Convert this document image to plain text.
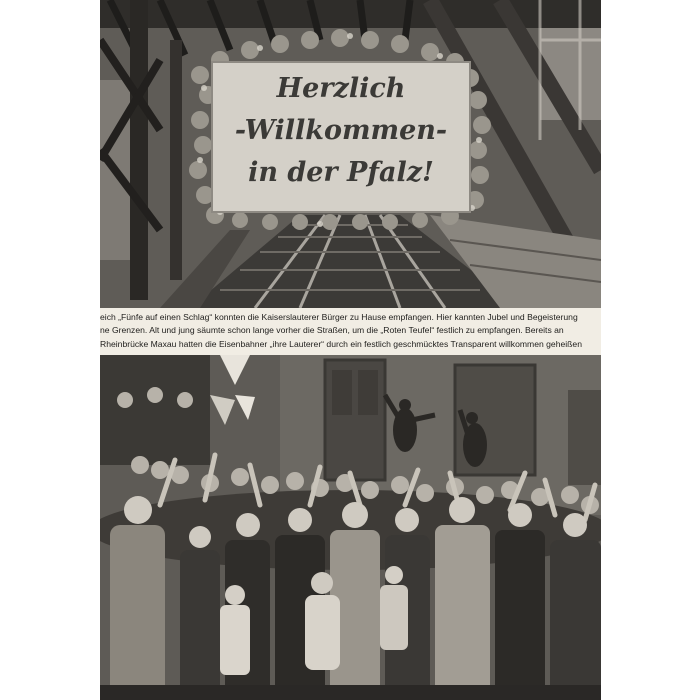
Herzlich
-Willkommen-
in der Pfalz!
eich „Fünfe auf einen Schlag“ konnten die Kaiserslauterer Bürger zu Hause empfangen. Hier kannten Jubel und Begeisterung
ne Grenzen. Alt und jung säumte schon lange vorher die Straßen, um die „Roten Teufel“ festlich zu empfangen. Bereits an
Rheinbrücke Maxau hatten die Eisenbahner „ihre Lauterer“ durch ein festlich geschmücktes Transparent willkommen geheißen
